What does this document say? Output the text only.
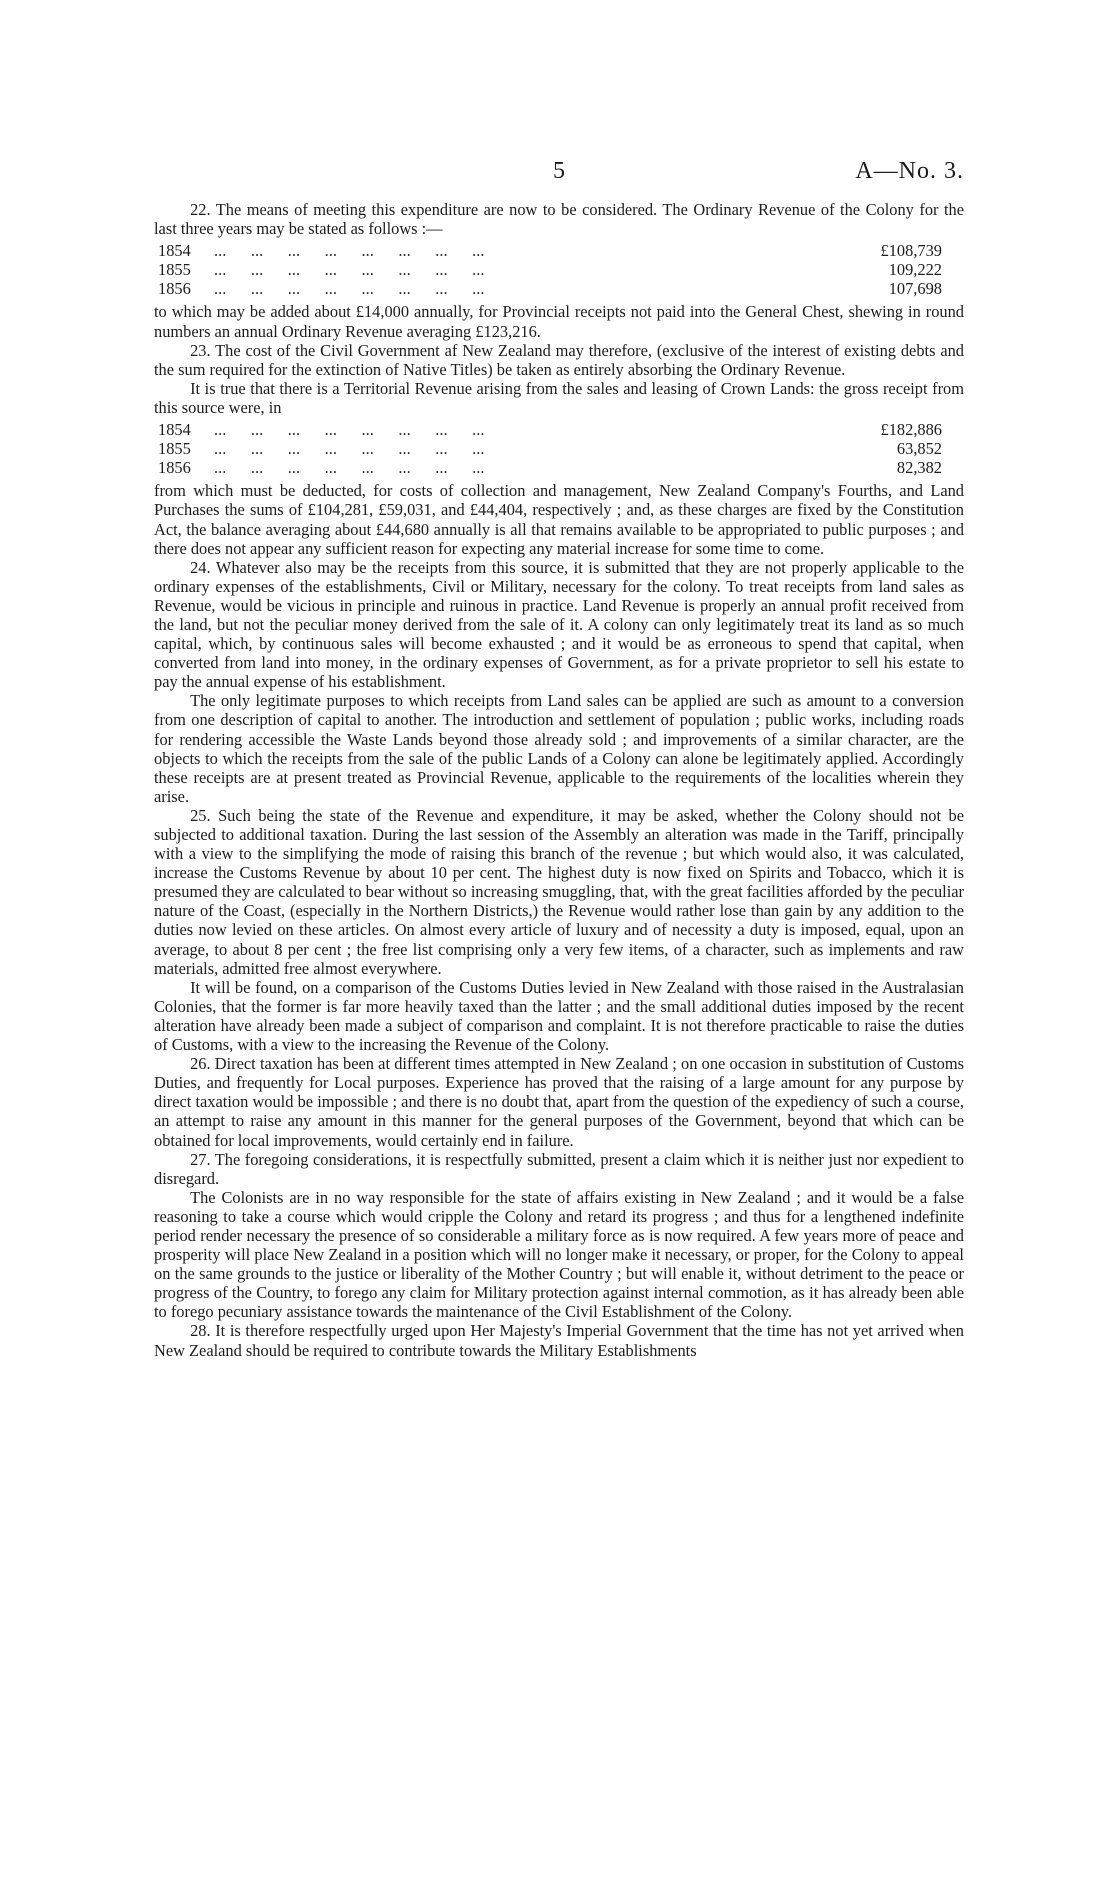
5	A—No. 3.

22. The means of meeting this expenditure are now to be considered. The Ordinary Revenue of the Colony for the last three years may be stated as follows :—

1854	...      ...      ...      ...      ...      ...      ...      ...	£108,739
1855	...      ...      ...      ...      ...      ...      ...      ...	109,222
1856	...      ...      ...      ...      ...      ...      ...      ...	107,698

to which may be added about £14,000 annually, for Provincial receipts not paid into the General Chest, shewing in round numbers an annual Ordinary Revenue averaging £123,216.

23. The cost of the Civil Government af New Zealand may therefore, (exclusive of the interest of existing debts and the sum required for the extinction of Native Titles) be taken as entirely absorbing the Ordinary Revenue.

It is true that there is a Territorial Revenue arising from the sales and leasing of Crown Lands: the gross receipt from this source were, in

1854	...      ...      ...      ...      ...      ...      ...      ...	£182,886
1855	...      ...      ...      ...      ...      ...      ...      ...	63,852
1856	...      ...      ...      ...      ...      ...      ...      ...	82,382

from which must be deducted, for costs of collection and management, New Zealand Company's Fourths, and Land Purchases the sums of £104,281, £59,031, and £44,404, respectively ; and, as these charges are fixed by the Constitution Act, the balance averaging about £44,680 annually is all that remains available to be appropriated to public purposes ; and there does not appear any sufficient reason for expecting any material increase for some time to come.

24. Whatever also may be the receipts from this source, it is submitted that they are not properly applicable to the ordinary expenses of the establishments, Civil or Military, necessary for the colony. To treat receipts from land sales as Revenue, would be vicious in principle and ruinous in practice. Land Revenue is properly an annual profit received from the land, but not the peculiar money derived from the sale of it. A colony can only legitimately treat its land as so much capital, which, by continuous sales will become exhausted ; and it would be as erroneous to spend that capital, when converted from land into money, in the ordinary expenses of Government, as for a private proprietor to sell his estate to pay the annual expense of his establishment.

The only legitimate purposes to which receipts from Land sales can be applied are such as amount to a conversion from one description of capital to another. The introduction and settlement of population ; public works, including roads for rendering accessible the Waste Lands beyond those already sold ; and improvements of a similar character, are the objects to which the receipts from the sale of the public Lands of a Colony can alone be legitimately applied. Accordingly these receipts are at present treated as Provincial Revenue, applicable to the requirements of the localities wherein they arise.

25. Such being the state of the Revenue and expenditure, it may be asked, whether the Colony should not be subjected to additional taxation. During the last session of the Assembly an alteration was made in the Tariff, principally with a view to the simplifying the mode of raising this branch of the revenue ; but which would also, it was calculated, increase the Customs Revenue by about 10 per cent. The highest duty is now fixed on Spirits and Tobacco, which it is presumed they are calculated to bear without so increasing smuggling, that, with the great facilities afforded by the peculiar nature of the Coast, (especially in the Northern Districts,) the Revenue would rather lose than gain by any addition to the duties now levied on these articles. On almost every article of luxury and of necessity a duty is imposed, equal, upon an average, to about 8 per cent ; the free list comprising only a very few items, of a character, such as implements and raw materials, admitted free almost everywhere.

It will be found, on a comparison of the Customs Duties levied in New Zealand with those raised in the Australasian Colonies, that the former is far more heavily taxed than the latter ; and the small additional duties imposed by the recent alteration have already been made a subject of comparison and complaint. It is not therefore practicable to raise the duties of Customs, with a view to the increasing the Revenue of the Colony.

26. Direct taxation has been at different times attempted in New Zealand ; on one occasion in substitution of Customs Duties, and frequently for Local purposes. Experience has proved that the raising of a large amount for any purpose by direct taxation would be impossible ; and there is no doubt that, apart from the question of the expediency of such a course, an attempt to raise any amount in this manner for the general purposes of the Government, beyond that which can be obtained for local improvements, would certainly end in failure.

27. The foregoing considerations, it is respectfully submitted, present a claim which it is neither just nor expedient to disregard.

The Colonists are in no way responsible for the state of affairs existing in New Zealand ; and it would be a false reasoning to take a course which would cripple the Colony and retard its progress ; and thus for a lengthened indefinite period render necessary the presence of so considerable a military force as is now required. A few years more of peace and prosperity will place New Zealand in a position which will no longer make it necessary, or proper, for the Colony to appeal on the same grounds to the justice or liberality of the Mother Country ; but will enable it, without detriment to the peace or progress of the Country, to forego any claim for Military protection against internal commotion, as it has already been able to forego pecuniary assistance towards the maintenance of the Civil Establishment of the Colony.

28. It is therefore respectfully urged upon Her Majesty's Imperial Government that the time has not yet arrived when New Zealand should be required to contribute towards the Military Establishments
